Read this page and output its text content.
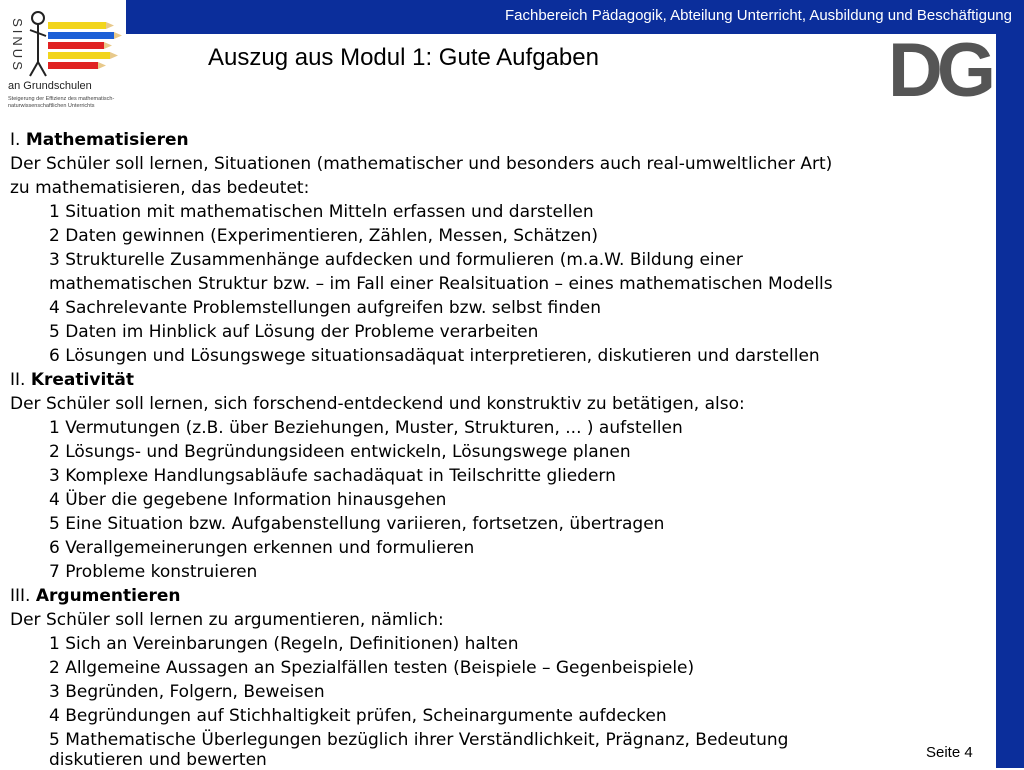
Fachbereich Pädagogik, Abteilung Unterricht, Ausbildung und Beschäftigung
SINUS
an Grundschulen
Steigerung der Effizienz des mathematisch-naturwissenschaftlichen Unterrichts
Auszug aus Modul 1: Gute Aufgaben	DG
I. Mathematisieren
Der Schüler soll lernen, Situationen (mathematischer und besonders auch real-umweltlicher Art)
zu mathematisieren, das bedeutet:
1 Situation mit mathematischen Mitteln erfassen und darstellen
2 Daten gewinnen (Experimentieren, Zählen, Messen, Schätzen)
3 Strukturelle Zusammenhänge aufdecken und formulieren (m.a.W. Bildung einer
mathematischen Struktur bzw. – im Fall einer Realsituation – eines mathematischen Modells
4 Sachrelevante Problemstellungen aufgreifen bzw. selbst finden
5 Daten im Hinblick auf Lösung der Probleme verarbeiten
6 Lösungen und Lösungswege situationsadäquat interpretieren, diskutieren und darstellen
II. Kreativität
Der Schüler soll lernen, sich forschend-entdeckend und konstruktiv zu betätigen, also:
1 Vermutungen (z.B. über Beziehungen, Muster, Strukturen, ... ) aufstellen
2 Lösungs- und Begründungsideen entwickeln, Lösungswege planen
3 Komplexe Handlungsabläufe sachadäquat in Teilschritte gliedern
4 Über die gegebene Information hinausgehen
5 Eine Situation bzw. Aufgabenstellung variieren, fortsetzen, übertragen
6 Verallgemeinerungen erkennen und formulieren
7 Probleme konstruieren
III. Argumentieren
Der Schüler soll lernen zu argumentieren, nämlich:
1 Sich an Vereinbarungen (Regeln, Definitionen) halten
2 Allgemeine Aussagen an Spezialfällen testen (Beispiele – Gegenbeispiele)
3 Begründen, Folgern, Beweisen
4 Begründungen auf Stichhaltigkeit prüfen, Scheinargumente aufdecken
5 Mathematische Überlegungen bezüglich ihrer Verständlichkeit, Prägnanz, Bedeutung
diskutieren und bewerten	Seite 4
